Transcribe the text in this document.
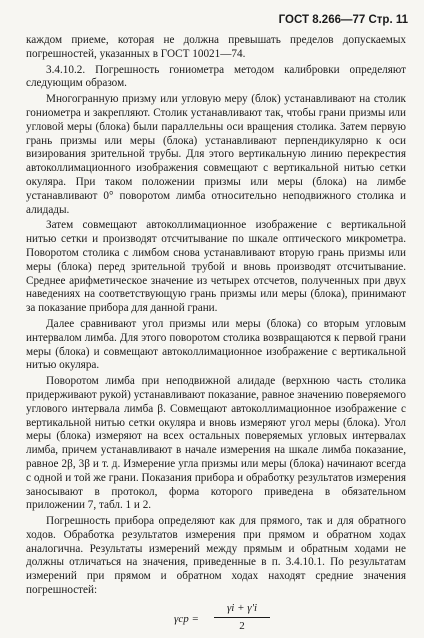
ГОСТ 8.266—77 Стр. 11

каждом приеме, которая не должна превышать пределов допускаемых погрешностей, указанных в ГОСТ 10021—74.

3.4.10.2. Погрешность гониометра методом калибровки определяют следующим образом.

Многогранную призму или угловую меру (блок) устанавливают на столик гониометра и закрепляют. Столик устанавливают так, чтобы грани призмы или угловой меры (блока) были параллельны оси вращения столика. Затем первую грань призмы или меры (блока) устанавливают перпендикулярно к оси визирования зрительной трубы. Для этого вертикальную линию перекрестия автоколлимационного изображения совмещают с вертикальной нитью сетки окуляра. При таком положении призмы или меры (блока) на лимбе устанавливают 0° поворотом лимба относительно неподвижного столика и алидады.

Затем совмещают автоколлимационное изображение с вертикальной нитью сетки и производят отсчитывание по шкале оптического микрометра. Поворотом столика с лимбом снова устанавливают вторую грань призмы или меры (блока) перед зрительной трубой и вновь производят отсчитывание. Среднее арифметическое значение из четырех отсчетов, полученных при двух наведениях на соответствующую грань призмы или меры (блока), принимают за показание прибора для данной грани.

Далее сравнивают угол призмы или меры (блока) со вторым угловым интервалом лимба. Для этого поворотом столика возвращаются к первой грани меры (блока) и совмещают автоколлимационное изображение с вертикальной нитью окуляра.

Поворотом лимба при неподвижной алидаде (верхнюю часть столика придерживают рукой) устанавливают показание, равное значению поверяемого углового интервала лимба β. Совмещают автоколлимационное изображение с вертикальной нитью сетки окуляра и вновь измеряют угол меры (блока). Угол меры (блока) измеряют на всех остальных поверяемых угловых интервалах лимба, причем устанавливают в начале измерения на шкале лимба показание, равное 2β, 3β и т. д. Измерение угла призмы или меры (блока) начинают всегда с одной и той же грани. Показания прибора и обработку результатов измерения заносывают в протокол, форма которого приведена в обязательном приложении 7, табл. 1 и 2.

Погрешность прибора определяют как для прямого, так и для обратного ходов. Обработка результатов измерения при прямом и обратном ходах аналогична. Результаты измерений между прямым и обратным ходами не должны отличаться на значения, приведенные в п. 3.4.10.1. По результатам измерений при прямом и обратном ходах находят средние значения погрешностей:

γср =
γi + γ'i
2
